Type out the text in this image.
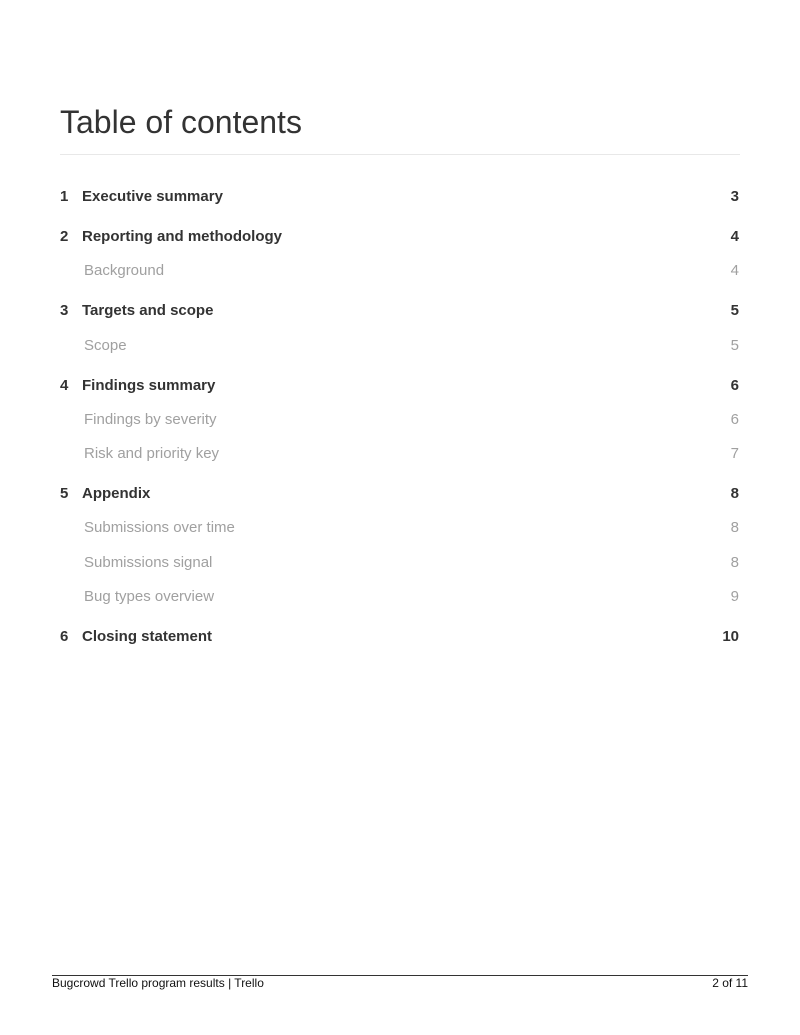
Table of contents
1 Executive summary	3
2 Reporting and methodology	4
Background	4
3 Targets and scope	5
Scope	5
4 Findings summary	6
Findings by severity	6
Risk and priority key	7
5 Appendix	8
Submissions over time	8
Submissions signal	8
Bug types overview	9
6 Closing statement	10
Bugcrowd Trello program results | Trello	2 of 11
